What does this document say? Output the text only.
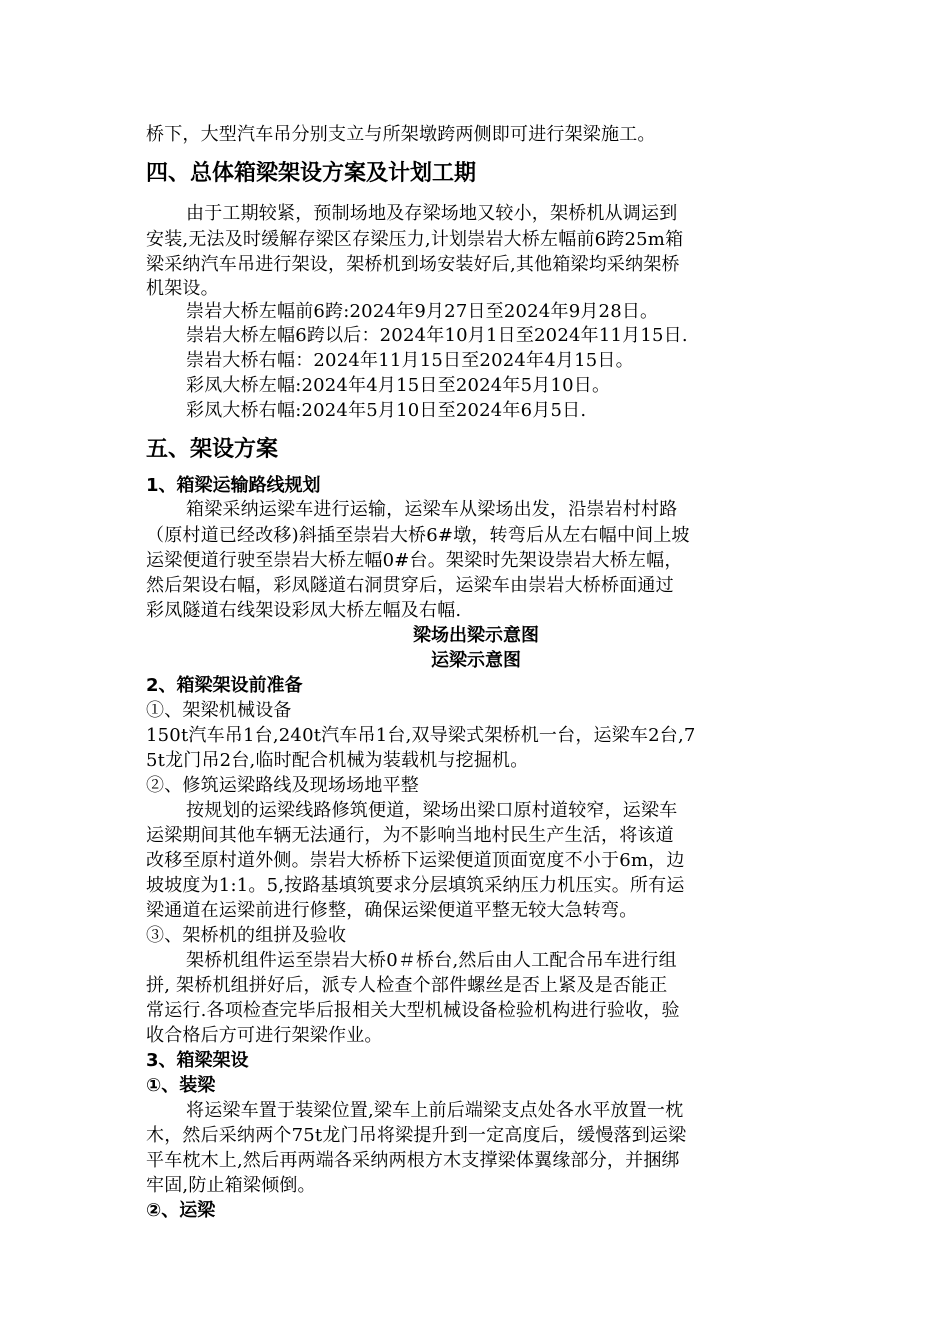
桥下，大型汽车吊分别支立与所架墩跨两侧即可进行架梁施工。
四、总体箱梁架设方案及计划工期
由于工期较紧，预制场地及存梁场地又较小，架桥机从调运到
安装,无法及时缓解存梁区存梁压力,计划崇岩大桥左幅前6跨25m箱
梁采纳汽车吊进行架设，架桥机到场安装好后,其他箱梁均采纳架桥
机架设。
崇岩大桥左幅前6跨:2024年9月27日至2024年9月28日。
崇岩大桥左幅6跨以后：2024年10月1日至2024年11月15日.
崇岩大桥右幅：2024年11月15日至2024年4月15日。
彩凤大桥左幅:2024年4月15日至2024年5月10日。
彩凤大桥右幅:2024年5月10日至2024年6月5日.
五、架设方案
1、箱梁运输路线规划
箱梁采纳运梁车进行运输，运梁车从梁场出发，沿崇岩村村路
（原村道已经改移)斜插至崇岩大桥6#墩，转弯后从左右幅中间上坡
运梁便道行驶至崇岩大桥左幅0#台。架梁时先架设崇岩大桥左幅，
然后架设右幅，彩凤隧道右洞贯穿后，运梁车由崇岩大桥桥面通过
彩凤隧道右线架设彩凤大桥左幅及右幅.
梁场出梁示意图
运梁示意图
2、箱梁架设前准备
①、架梁机械设备
150t汽车吊1台,240t汽车吊1台,双导梁式架桥机一台，运梁车2台,7
5t龙门吊2台,临时配合机械为装载机与挖掘机。
②、修筑运梁路线及现场场地平整
按规划的运梁线路修筑便道，梁场出梁口原村道较窄，运梁车
运梁期间其他车辆无法通行，为不影响当地村民生产生活，将该道
改移至原村道外侧。崇岩大桥桥下运梁便道顶面宽度不小于6m，边
坡坡度为1:1。5,按路基填筑要求分层填筑采纳压力机压实。所有运
梁通道在运梁前进行修整，确保运梁便道平整无较大急转弯。
③、架桥机的组拼及验收
架桥机组件运至崇岩大桥0＃桥台,然后由人工配合吊车进行组
拼, 架桥机组拼好后，派专人检查个部件螺丝是否上紧及是否能正
常运行.各项检查完毕后报相关大型机械设备检验机构进行验收，验
收合格后方可进行架梁作业。
3、箱梁架设
①、装梁
将运梁车置于装梁位置,梁车上前后端梁支点处各水平放置一枕
木，然后采纳两个75t龙门吊将梁提升到一定高度后，缓慢落到运梁
平车枕木上,然后再两端各采纳两根方木支撑梁体翼缘部分，并捆绑
牢固,防止箱梁倾倒。
②、运梁
